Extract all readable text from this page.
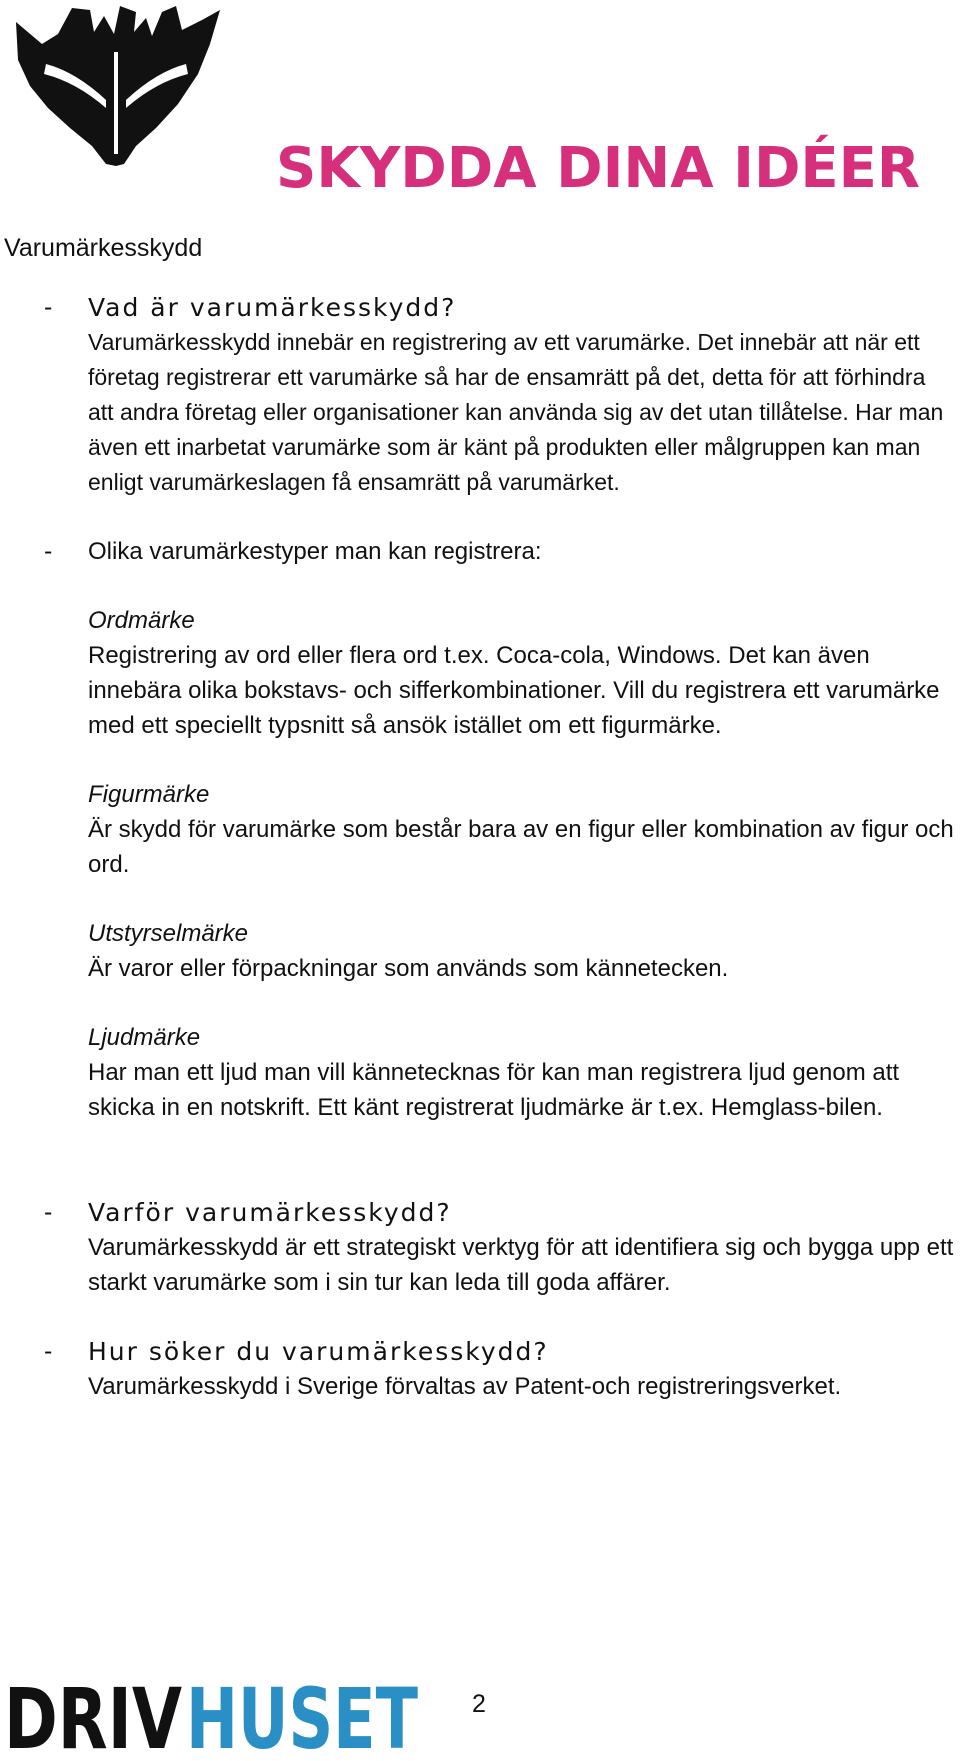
SKYDDA DINA IDÉER
Varumärkesskydd
- Vad är varumärkesskydd?

Varumärkesskydd innebär en registrering av ett varumärke. Det innebär att när ett företag registrerar ett varumärke så har de ensamrätt på det, detta för att förhindra att andra företag eller organisationer kan använda sig av det utan tillåtelse. Har man även ett inarbetat varumärke som är känt på produkten eller målgruppen kan man enligt varumärkeslagen få ensamrätt på varumärket.

- Olika varumärkestyper man kan registrera:
Ordmärke

Registrering av ord eller flera ord t.ex. Coca-cola, Windows. Det kan även innebära olika bokstavs- och sifferkombinationer. Vill du registrera ett varumärke med ett speciellt typsnitt så ansök istället om ett figurmärke.

Figurmärke

Är skydd för varumärke som består bara av en figur eller kombination av figur och ord.

Utstyrselmärke

Är varor eller förpackningar som används som kännetecken.

Ljudmärke

Har man ett ljud man vill kännetecknas för kan man registrera ljud genom att skicka in en notskrift. Ett känt registrerat ljudmärke är t.ex. Hemglass-bilen.

- Varför varumärkesskydd?

Varumärkesskydd är ett strategiskt verktyg för att identifiera sig och bygga upp ett starkt varumärke som i sin tur kan leda till goda affärer.

- Hur söker du varumärkesskydd?

Varumärkesskydd i Sverige förvaltas av Patent-och registreringsverket.

DRIV HUSET 2
